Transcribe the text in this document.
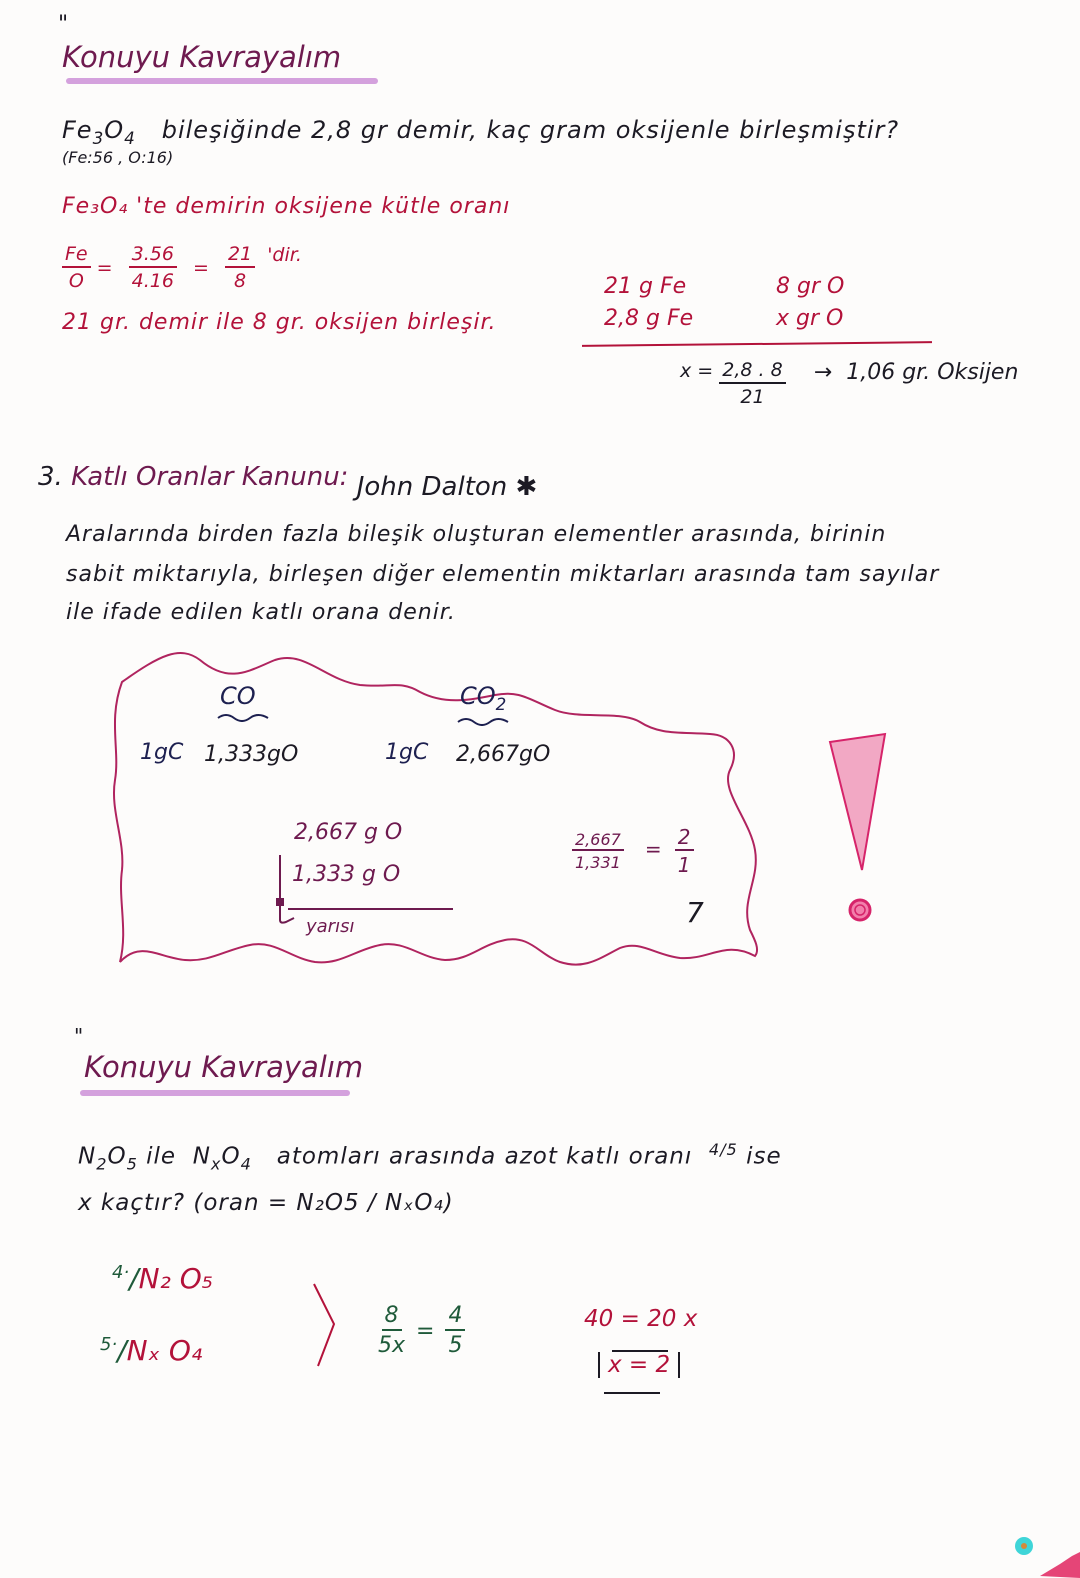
"
Konuyu Kavrayalım
$Fe_3O_4$ bileşiğinde 2,8 gr demir, kaç gram oksijenle birleşmiştir?
(Fe:56 , O:16)
Fe₃O₄ 'te demirin oksijene kütle oranı
$\frac{Fe}{O} = \frac{3.56}{4.16} = \frac{21}{8}$ 'dir.
21 gr. demir ile 8 gr. oksijen birleşir.
21 g Fe	8 gr O
2,8 g Fe	x gr O
$x = \frac{2,8 . 8}{21} \to 1,06$ gr. Oksijen
3. Katlı Oranlar Kanunu: John Dalton ✱
Aralarında birden fazla bileşik oluşturan elementler arasında, birinin
sabit miktarıyla, birleşen diğer elementin miktarları arasında tam sayılar
ile ifade edilen katlı orana denir.
CO	$CO_2$
1gC 1,333gO	1gC 2,667gO
2,667 g O
1,333 g O
yarısı
$\frac{2,667}{1,331} = \frac{2}{1}$
7
"
Konuyu Kavrayalım
$N_2O_5$ ile $N_xO_4$ atomları arasında azot katlı oranı $^{4/5}$ ise
x kaçtır? (oran = N₂O5 / NₓO₄)
$^{4\cdot}$/N₂ O₅
$^{5\cdot}$/Nₓ O₄	$\frac{8}{5x} = \frac{4}{5}$	40 = 20 x
x = 2
